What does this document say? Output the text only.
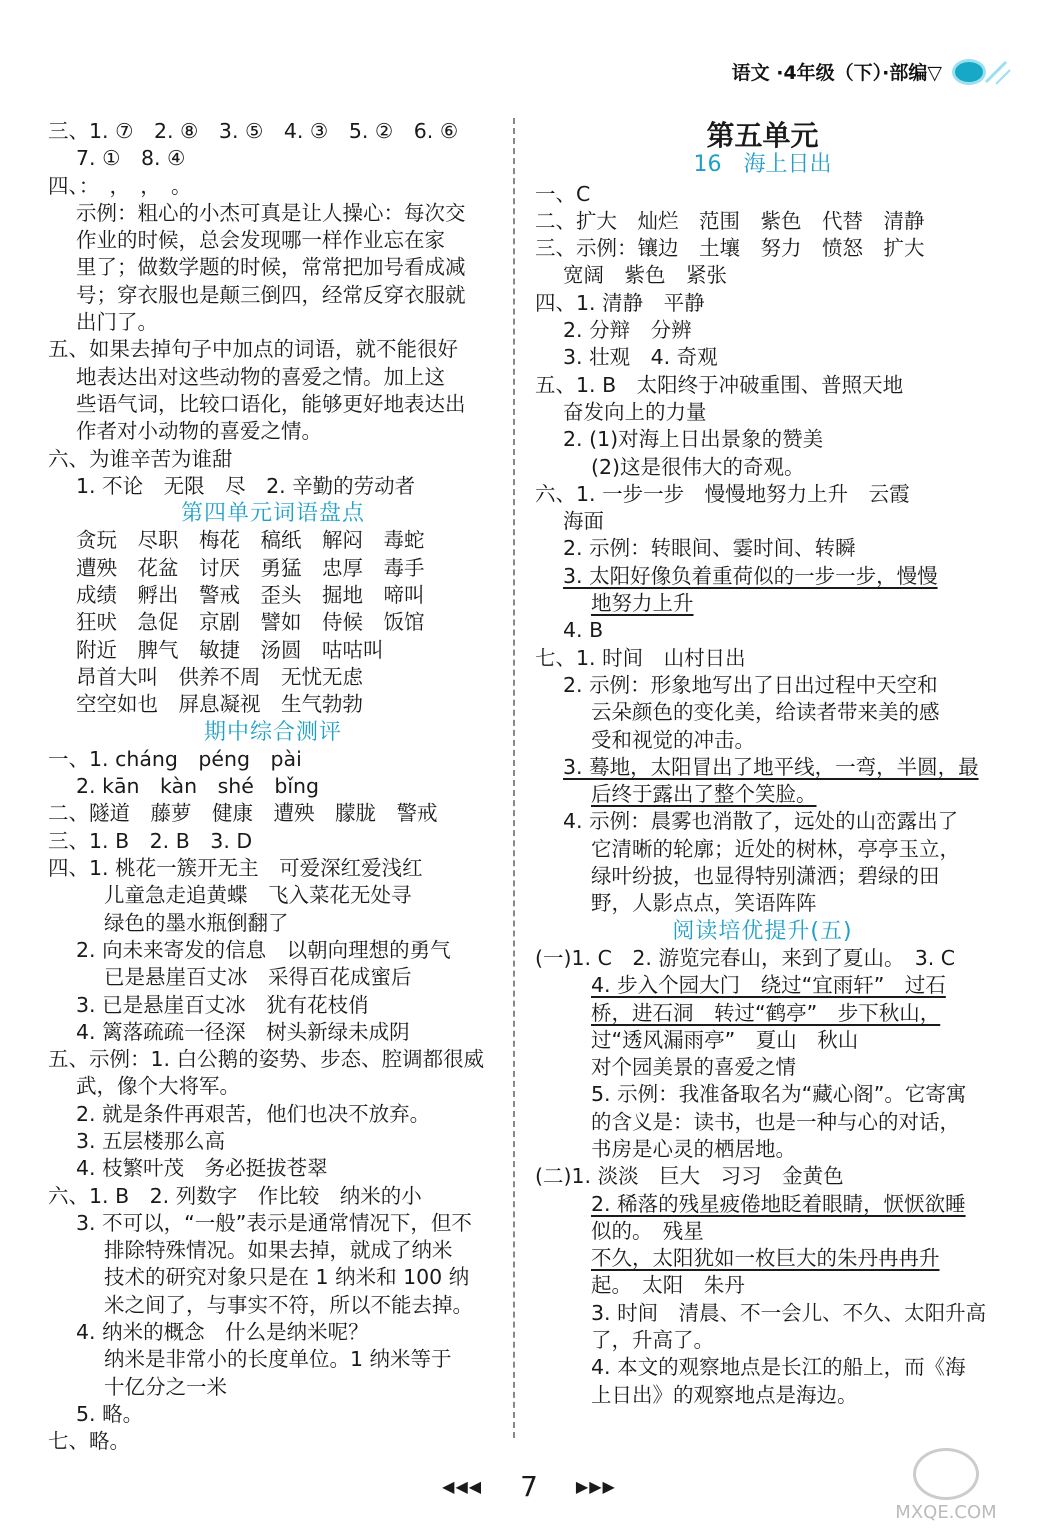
语文 ·4年级（下）·部编▽
三、1. ⑦　2. ⑧　3. ⑤　4. ③　5. ②　6. ⑥
7. ①　8. ④
四、：　，　，　。
示例：粗心的小杰可真是让人操心：每次交
作业的时候，总会发现哪一样作业忘在家
里了；做数学题的时候，常常把加号看成减
号；穿衣服也是颠三倒四，经常反穿衣服就
出门了。
五、如果去掉句子中加点的词语，就不能很好
地表达出对这些动物的喜爱之情。加上这
些语气词，比较口语化，能够更好地表达出
作者对小动物的喜爱之情。
六、为谁辛苦为谁甜
1. 不论　无限　尽　2. 辛勤的劳动者
第四单元词语盘点
贪玩　尽职　梅花　稿纸　解闷　毒蛇
遭殃　花盆　讨厌　勇猛　忠厚　毒手
成绩　孵出　警戒　歪头　掘地　啼叫
狂吠　急促　京剧　譬如　侍候　饭馆
附近　脾气　敏捷　汤圆　咕咕叫
昂首大叫　供养不周　无忧无虑
空空如也　屏息凝视　生气勃勃
期中综合测评
一、1. cháng　péng　pài
2. kān　kàn　shé　bǐng
二、隧道　藤萝　健康　遭殃　朦胧　警戒
三、1. B　2. B　3. D
四、1. 桃花一簇开无主　可爱深红爱浅红
儿童急走追黄蝶　飞入菜花无处寻
绿色的墨水瓶倒翻了
2. 向未来寄发的信息　以朝向理想的勇气
已是悬崖百丈冰　采得百花成蜜后
3. 已是悬崖百丈冰　犹有花枝俏
4. 篱落疏疏一径深　树头新绿未成阴
五、示例：1. 白公鹅的姿势、步态、腔调都很威
武，像个大将军。
2. 就是条件再艰苦，他们也决不放弃。
3. 五层楼那么高
4. 枝繁叶茂　务必挺拔苍翠
六、1. B　2. 列数字　作比较　纳米的小
3. 不可以，“一般”表示是通常情况下，但不
排除特殊情况。如果去掉，就成了纳米
技术的研究对象只是在 1 纳米和 100 纳
米之间了，与事实不符，所以不能去掉。
4. 纳米的概念　什么是纳米呢？
纳米是非常小的长度单位。1 纳米等于
十亿分之一米
5. 略。
七、略。
第五单元
16　海上日出
一、C
二、扩大　灿烂　范围　紫色　代替　清静
三、示例：镶边　土壤　努力　愤怒　扩大
宽阔　紫色　紧张
四、1. 清静　平静
2. 分辩　分辨
3. 壮观　4. 奇观
五、1. B　太阳终于冲破重围、普照天地
奋发向上的力量
2. (1)对海上日出景象的赞美
(2)这是很伟大的奇观。
六、1. 一步一步　慢慢地努力上升　云霞
海面
2. 示例：转眼间、霎时间、转瞬
3. 太阳好像负着重荷似的一步一步，慢慢
地努力上升
4. B
七、1. 时间　山村日出
2. 示例：形象地写出了日出过程中天空和
云朵颜色的变化美，给读者带来美的感
受和视觉的冲击。
3. 蓦地，太阳冒出了地平线，一弯，半圆，最
后终于露出了整个笑脸。
4. 示例：晨雾也消散了，远处的山峦露出了
它清晰的轮廓；近处的树林，亭亭玉立，
绿叶纷披，也显得特别潇洒；碧绿的田
野，人影点点，笑语阵阵
阅读培优提升(五)
(一)1. C　2. 游览完春山，来到了夏山。　3. C
4. 步入个园大门　绕过“宜雨轩”　过石
桥，进石洞　转过“鹤亭”　步下秋山，
过“透风漏雨亭”　夏山　秋山
对个园美景的喜爱之情
5. 示例：我准备取名为“藏心阁”。它寄寓
的含义是：读书，也是一种与心的对话，
书房是心灵的栖居地。
(二)1. 淡淡　巨大　习习　金黄色
2. 稀落的残星疲倦地眨着眼睛，恹恹欲睡
似的。　残星
不久，太阳犹如一枚巨大的朱丹冉冉升
起。　太阳　朱丹
3. 时间　清晨、不一会儿、不久、太阳升高
了，升高了。
4. 本文的观察地点是长江的船上，而《海
上日出》的观察地点是海边。
◀◀◀ 7 ▶▶▶
MXQE.COM
